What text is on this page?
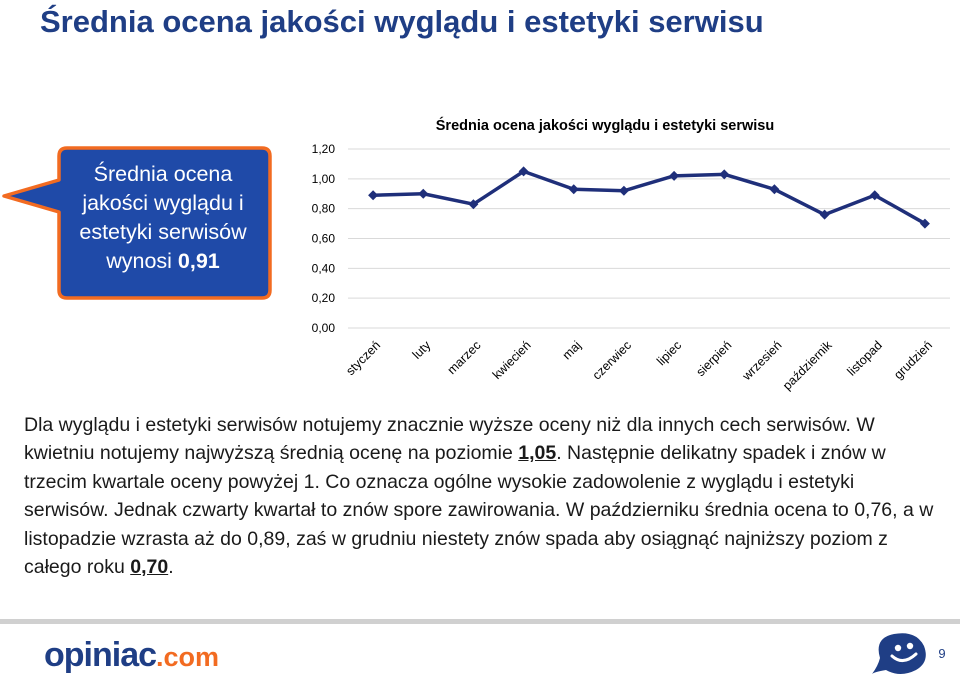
Średnia ocena jakości wyglądu i estetyki serwisu
Średnia ocena
jakości wyglądu i
estetyki serwisów
wynosi 0,91
Średnia ocena jakości wyglądu i estetyki serwisu
0,00
0,20
0,40
0,60
0,80
1,00
1,20
styczeń luty marzec kwiecień maj czerwiec lipiec sierpień wrzesień
październik listopad grudzień

Dla wyglądu i estetyki serwisów notujemy znacznie wyższe oceny niż dla innych cech serwisów. W kwietniu notujemy najwyższą średnią ocenę na poziomie 1,05. Następnie delikatny spadek i znów w trzecim kwartale oceny powyżej 1. Co oznacza ogólne wysokie zadowolenie z wyglądu i estetyki serwisów. Jednak czwarty kwartał to znów spore zawirowania. W październiku średnia ocena to 0,76, a w listopadzie wzrasta aż do 0,89, zaś w grudniu niestety znów spada aby osiągnąć najniższy poziom z całego roku 0,70.

opiniac.com	9
